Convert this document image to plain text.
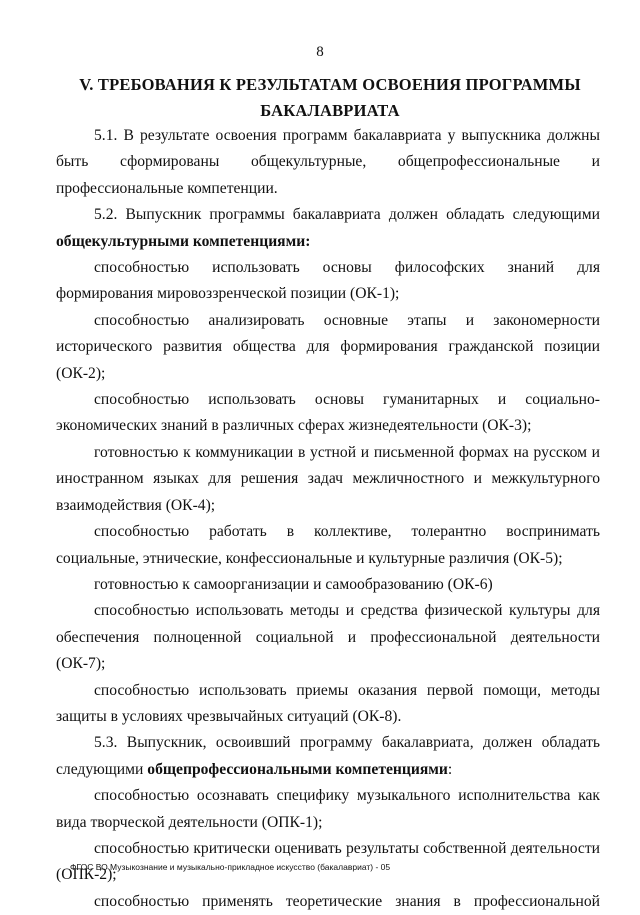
8
V. ТРЕБОВАНИЯ К РЕЗУЛЬТАТАМ ОСВОЕНИЯ ПРОГРАММЫ
БАКАЛАВРИАТА

5.1. В результате освоения программ бакалавриата у выпускника должны быть сформированы общекультурные, общепрофессиональные и профессиональные компетенции.

5.2. Выпускник программы бакалавриата должен обладать следующими общекультурными компетенциями:

способностью использовать основы философских знаний для формирования мировоззренческой позиции (ОК-1);

способностью анализировать основные этапы и закономерности исторического развития общества для формирования гражданской позиции (ОК-2);

способностью использовать основы гуманитарных и социально-экономических знаний в различных сферах жизнедеятельности (ОК-3);

готовностью к коммуникации в устной и письменной формах на русском и иностранном языках для решения задач межличностного и межкультурного взаимодействия (ОК-4);

способностью работать в коллективе, толерантно воспринимать социальные, этнические, конфессиональные и культурные различия (ОК-5);

готовностью к самоорганизации и самообразованию (ОК-6)

способностью использовать методы и средства физической культуры для обеспечения полноценной социальной и профессиональной деятельности (ОК-7);

способностью использовать приемы оказания первой помощи, методы защиты в условиях чрезвычайных ситуаций (ОК-8).

5.3. Выпускник, освоивший программу бакалавриата, должен обладать следующими общепрофессиональными компетенциями:

способностью осознавать специфику музыкального исполнительства как вида творческой деятельности (ОПК-1);

способностью критически оценивать результаты собственной деятельности (ОПК-2);

способностью применять теоретические знания в профессиональной

ФГОС ВО Музыкознание и музыкально-прикладное искусство (бакалавриат) - 05
